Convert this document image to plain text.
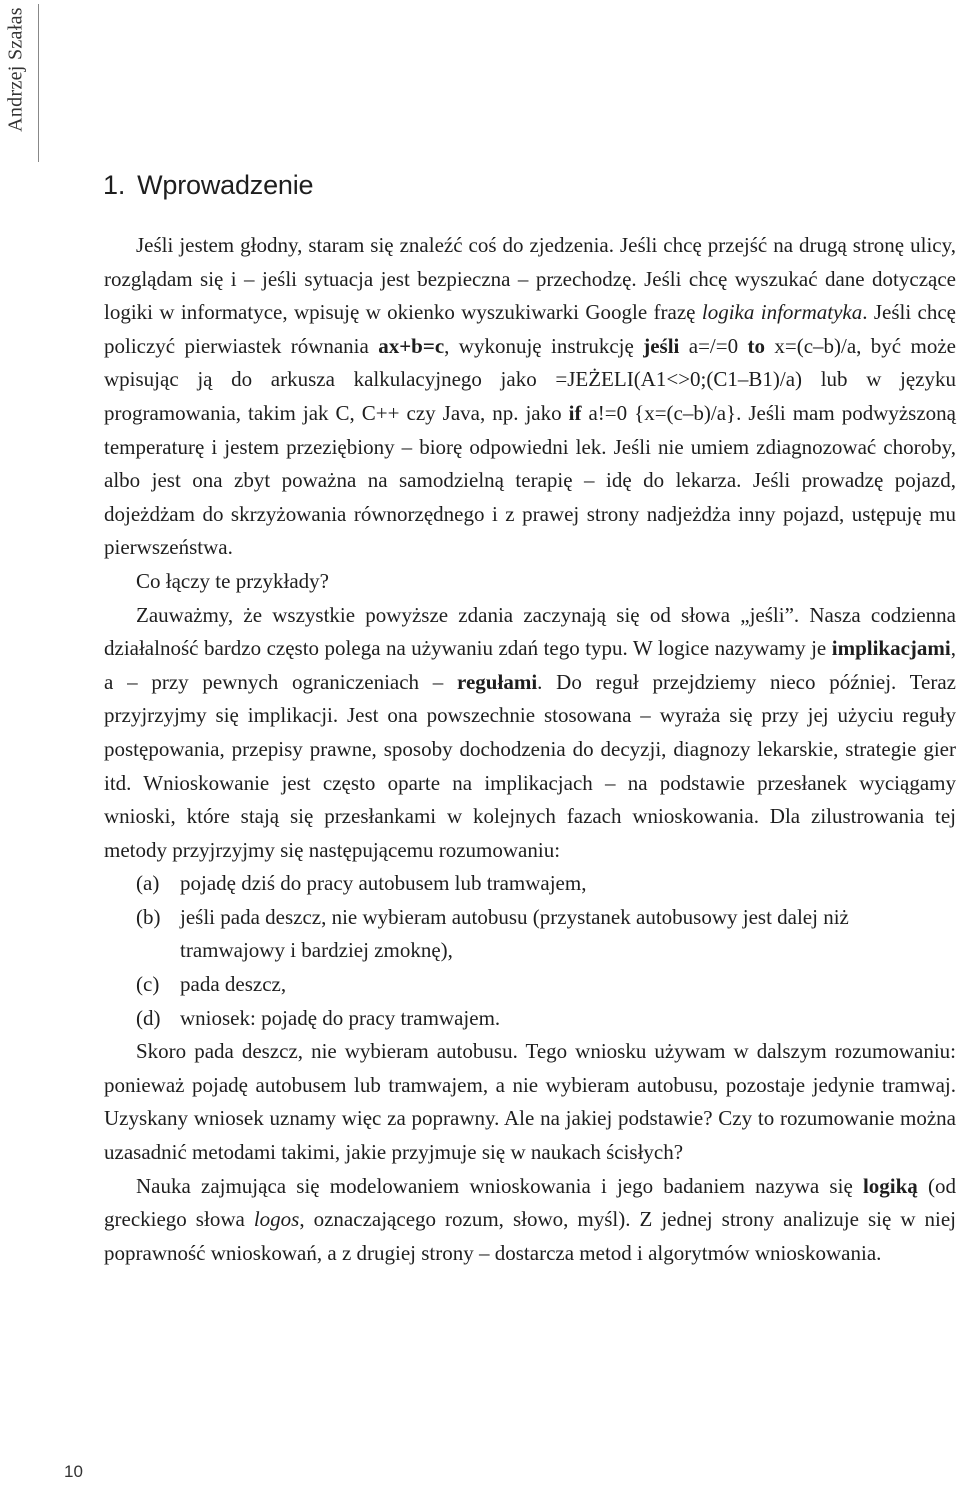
Andrzej Szałas
1. Wprowadzenie

Jeśli jestem głodny, staram się znaleźć coś do zjedzenia. Jeśli chcę przejść na drugą stronę ulicy, rozglądam się i – jeśli sytuacja jest bezpieczna – przechodzę. Jeśli chcę wyszukać dane dotyczące logiki w informatyce, wpisuję w okienko wyszukiwarki Google frazę logika informatyka. Jeśli chcę policzyć pierwiastek równania ax+b=c, wykonuję instrukcję jeśli a=/=0 to x=(c–b)/a, być może wpisując ją do arkusza kalkulacyjnego jako =JEŻELI(A1<>0;(C1–B1)/a) lub w języku programowania, takim jak C, C++ czy Java, np. jako if a!=0 {x=(c–b)/a}. Jeśli mam podwyższoną temperaturę i jestem przeziębiony – biorę odpowiedni lek. Jeśli nie umiem zdiagnozować choroby, albo jest ona zbyt poważna na samodzielną terapię – idę do lekarza. Jeśli prowadzę pojazd, dojeżdżam do skrzyżowania równorzędnego i z prawej strony nadjeżdża inny pojazd, ustępuję mu pierwszeństwa.

Co łączy te przykłady?

Zauważmy, że wszystkie powyższe zdania zaczynają się od słowa „jeśli”. Nasza codzienna działalność bardzo często polega na używaniu zdań tego typu. W logice nazywamy je implikacjami, a – przy pewnych ograniczeniach – regułami. Do reguł przejdziemy nieco później. Teraz przyjrzyjmy się implikacji. Jest ona powszechnie stosowana – wyraża się przy jej użyciu reguły postępowania, przepisy prawne, sposoby dochodzenia do decyzji, diagnozy lekarskie, strategie gier itd. Wnioskowanie jest często oparte na implikacjach – na podstawie przesłanek wyciągamy wnioski, które stają się przesłankami w kolejnych fazach wnioskowania. Dla zilustrowania tej metody przyjrzyjmy się następującemu rozumowaniu:

(a) pojadę dziś do pracy autobusem lub tramwajem,
(b) jeśli pada deszcz, nie wybieram autobusu (przystanek autobusowy jest dalej niż tramwajowy i bardziej zmoknę),
(c) pada deszcz,
(d) wniosek: pojadę do pracy tramwajem.

Skoro pada deszcz, nie wybieram autobusu. Tego wniosku używam w dalszym rozumowaniu: ponieważ pojadę autobusem lub tramwajem, a nie wybieram autobusu, pozostaje jedynie tramwaj. Uzyskany wniosek uznamy więc za poprawny. Ale na jakiej podstawie? Czy to rozumowanie można uzasadnić metodami takimi, jakie przyjmuje się w naukach ścisłych?

Nauka zajmująca się modelowaniem wnioskowania i jego badaniem nazywa się logiką (od greckiego słowa logos, oznaczającego rozum, słowo, myśl). Z jednej strony analizuje się w niej poprawność wnioskowań, a z drugiej strony – dostarcza metod i algorytmów wnioskowania.

10
